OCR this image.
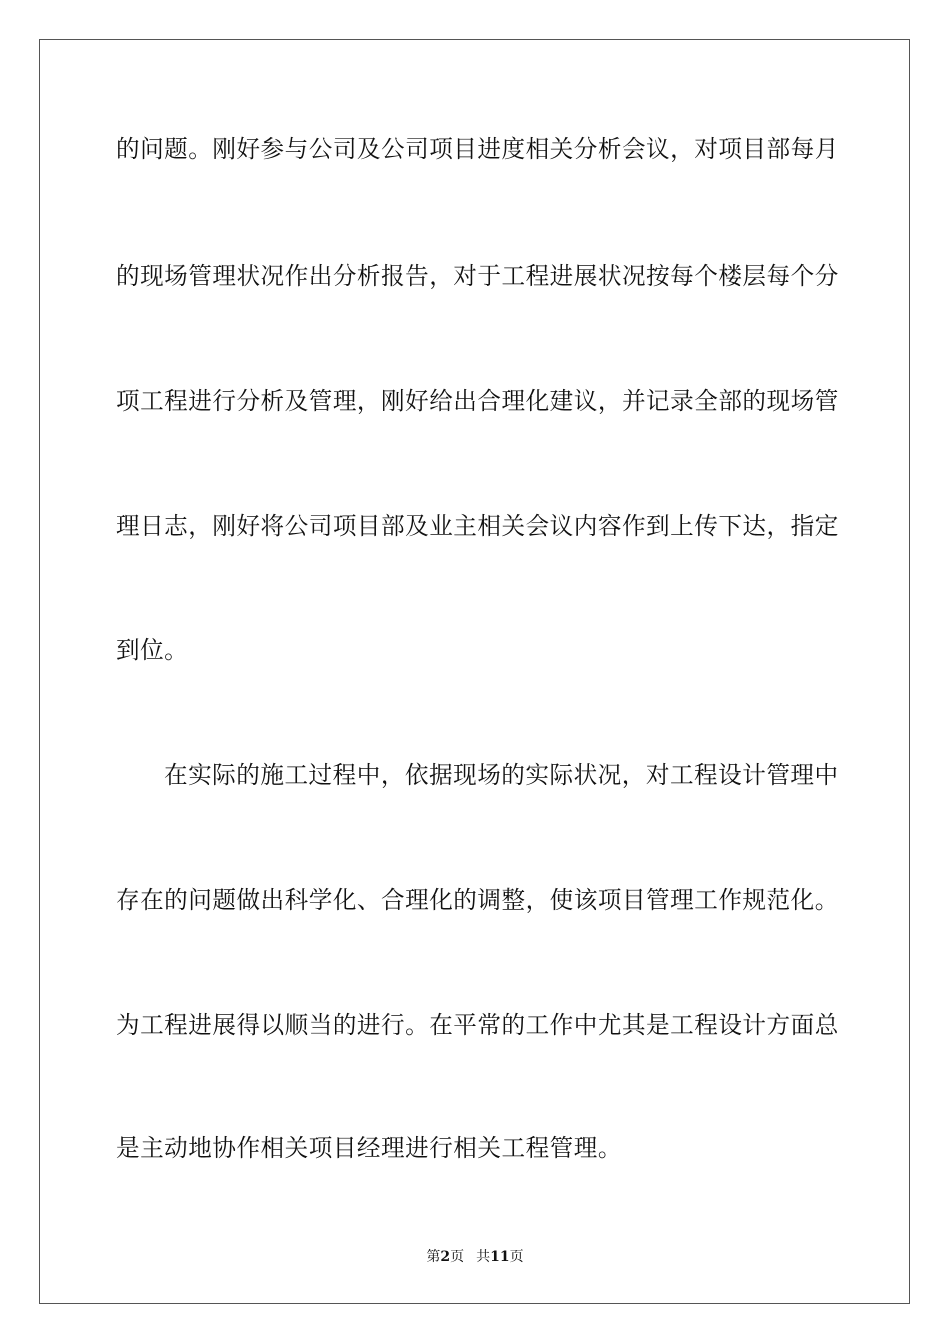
的问题。刚好参与公司及公司项目进度相关分析会议，对项目部每月
的现场管理状况作出分析报告，对于工程进展状况按每个楼层每个分
项工程进行分析及管理，刚好给出合理化建议，并记录全部的现场管
理日志，刚好将公司项目部及业主相关会议内容作到上传下达，指定
到位。
在实际的施工过程中，依据现场的实际状况，对工程设计管理中
存在的问题做出科学化、合理化的调整，使该项目管理工作规范化。
为工程进展得以顺当的进行。在平常的工作中尤其是工程设计方面总
是主动地协作相关项目经理进行相关工程管理。
第2页 共11页
